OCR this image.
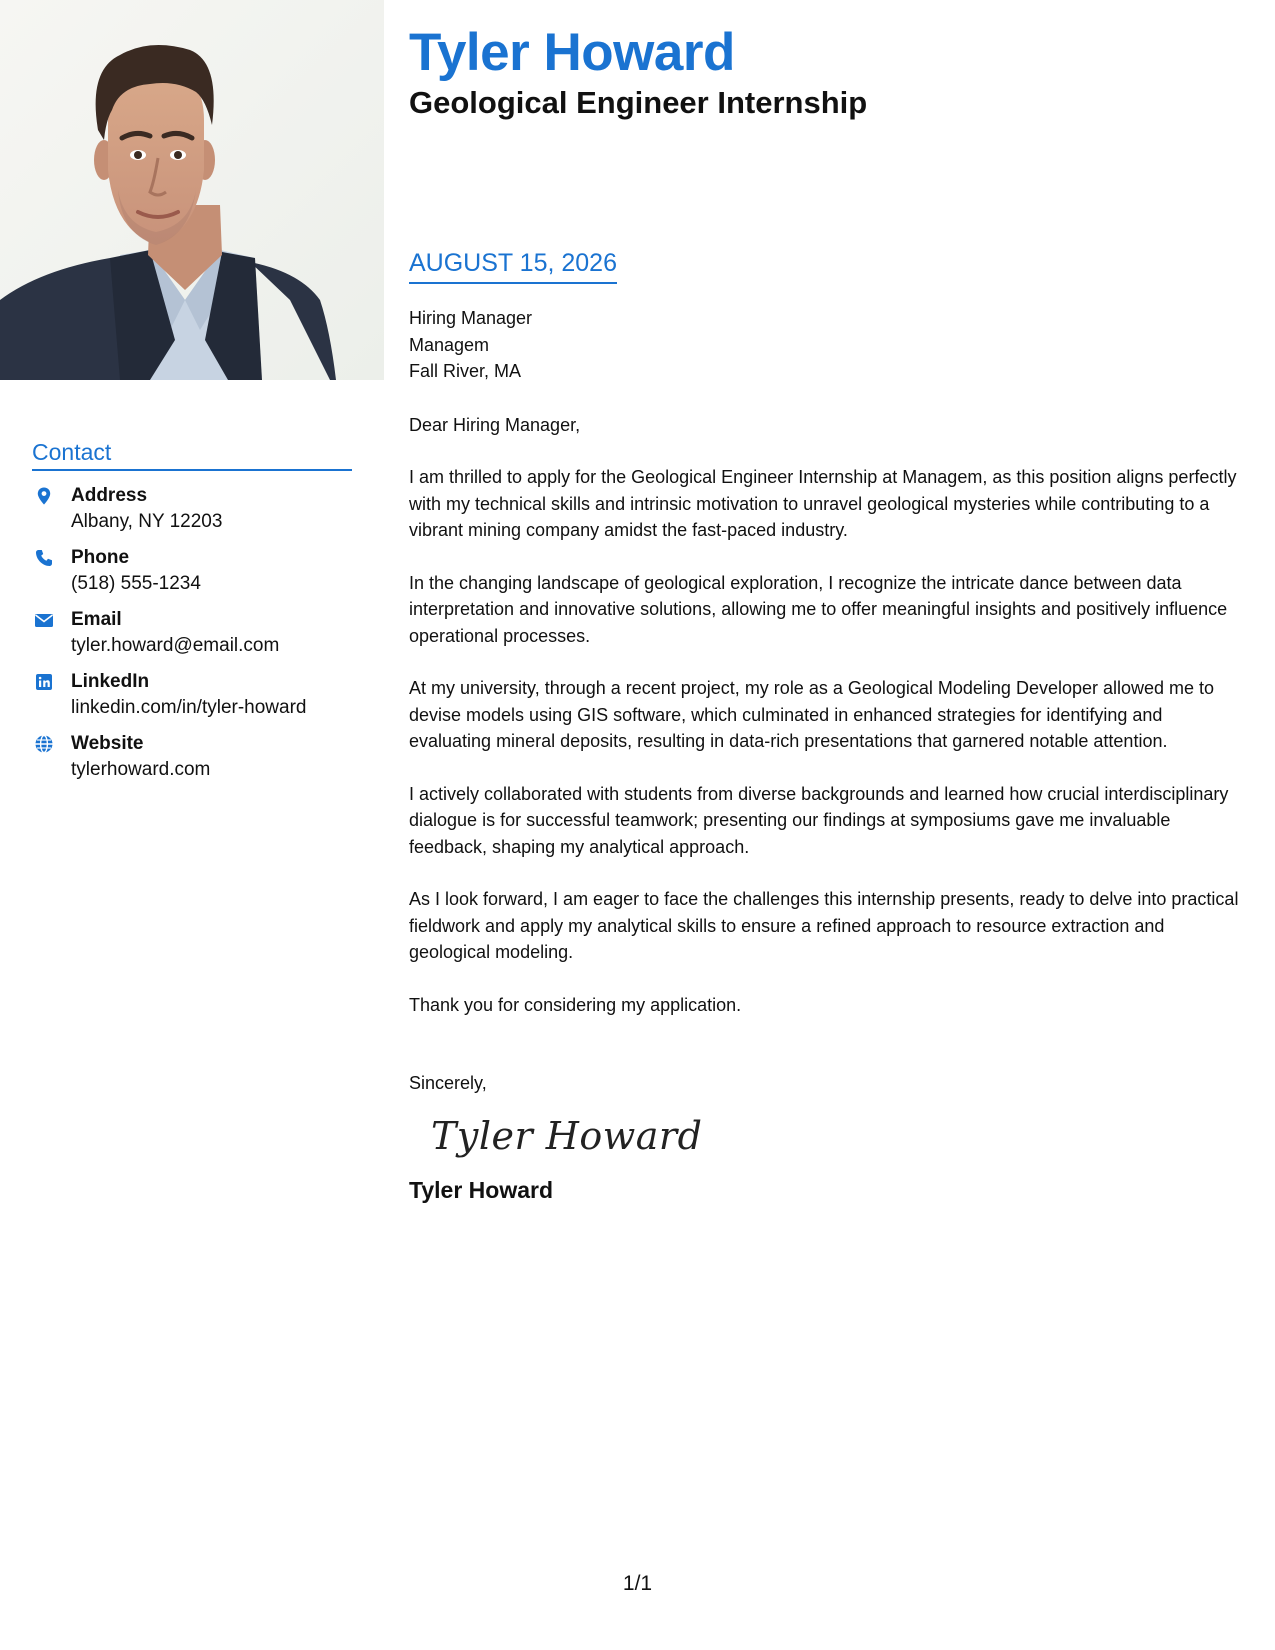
Contact
Address
Albany, NY 12203
Phone
(518) 555-1234
Email
tyler.howard@email.com
LinkedIn
linkedin.com/in/tyler-howard
Website
tylerhoward.com
Tyler Howard
Geological Engineer Internship
AUGUST 15, 2026
Hiring Manager
Managem
Fall River, MA

Dear Hiring Manager,

I am thrilled to apply for the Geological Engineer Internship at Managem, as this position aligns perfectly with my technical skills and intrinsic motivation to unravel geological mysteries while contributing to a vibrant mining company amidst the fast-paced industry.

In the changing landscape of geological exploration, I recognize the intricate dance between data interpretation and innovative solutions, allowing me to offer meaningful insights and positively influence operational processes.

At my university, through a recent project, my role as a Geological Modeling Developer allowed me to devise models using GIS software, which culminated in enhanced strategies for identifying and evaluating mineral deposits, resulting in data-rich presentations that garnered notable attention.

I actively collaborated with students from diverse backgrounds and learned how crucial interdisciplinary dialogue is for successful teamwork; presenting our findings at symposiums gave me invaluable feedback, shaping my analytical approach.

As I look forward, I am eager to face the challenges this internship presents, ready to delve into practical fieldwork and apply my analytical skills to ensure a refined approach to resource extraction and geological modeling.

Thank you for considering my application.

Sincerely,

Tyler Howard
Tyler Howard
1/1
